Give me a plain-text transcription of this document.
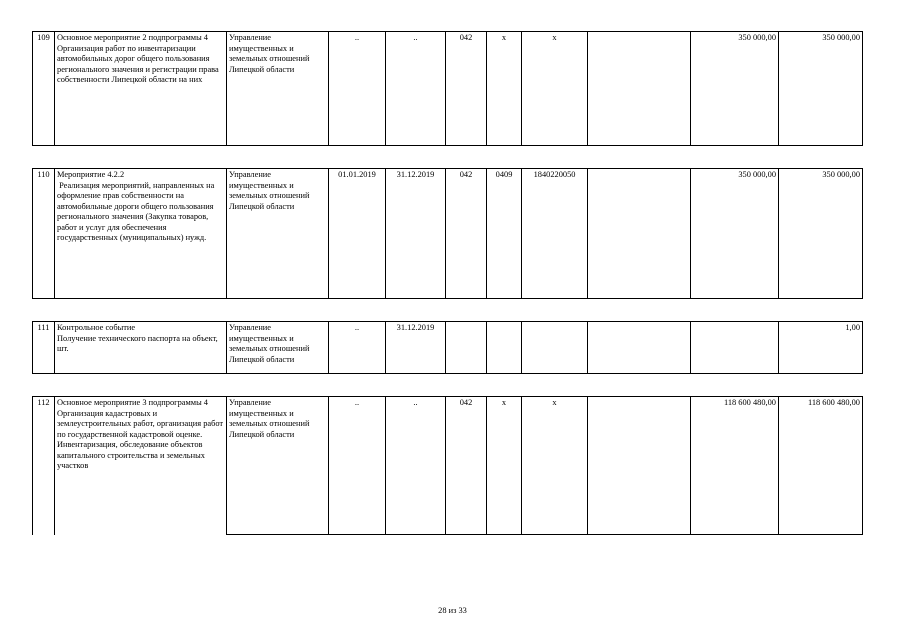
109	Основное мероприятие 2 подпрограммы 4
Организация работ по инвентаризации автомобильных дорог общего пользования регионального значения и регистрации права собственности Липецкой области на них	Управление имущественных и земельных отношений Липецкой области	..	..	042	x	x		350 000,00	350 000,00

110	Мероприятие 4.2.2
Реализация мероприятий, направленных на оформление прав собственности на автомобильные дороги общего пользования регионального значения (Закупка товаров, работ и услуг для обеспечения государственных (муниципальных) нужд.	Управление имущественных и земельных отношений Липецкой области	01.01.2019	31.12.2019	042	0409	1840220050		350 000,00	350 000,00

111	Контрольное событие
Получение технического паспорта на объект, шт.	Управление имущественных и земельных отношений Липецкой области	..	31.12.2019						1,00

112	Основное мероприятие 3 подпрограммы 4
Организация кадастровых и землеустроительных работ, организация работ по государственной кадастровой оценке. Инвентаризация, обследование объектов капитального строительства и земельных участков	Управление имущественных и земельных отношений Липецкой области	..	..	042	x	x		118 600 480,00	118 600 480,00
28 из 33
